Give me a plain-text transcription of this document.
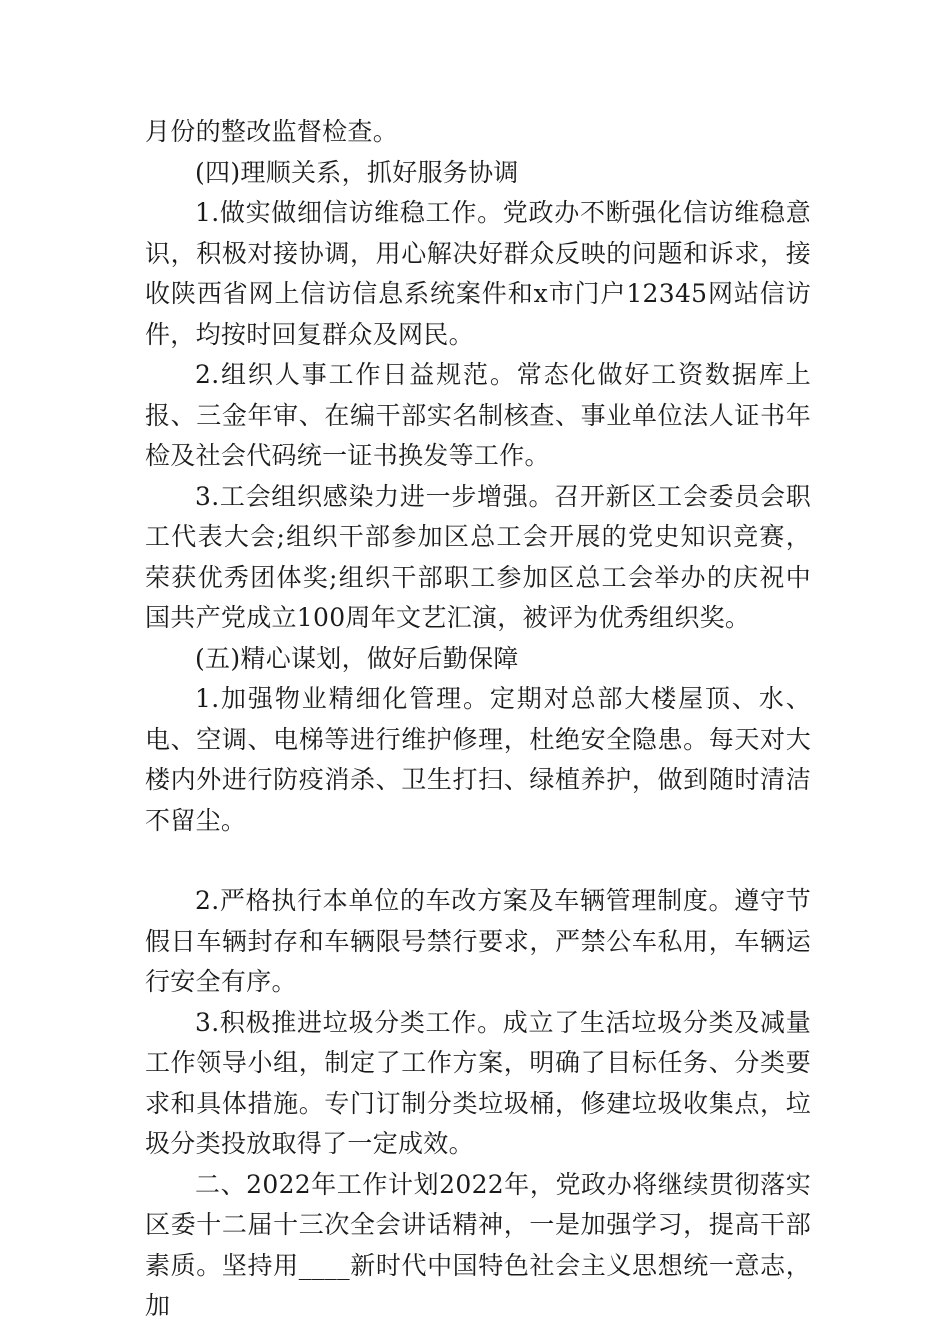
月份的整改监督检查。

(四)理顺关系，抓好服务协调

1.做实做细信访维稳工作。党政办不断强化信访维稳意识，积极对接协调，用心解决好群众反映的问题和诉求，接收陕西省网上信访信息系统案件和x市门户12345网站信访件，均按时回复群众及网民。

2.组织人事工作日益规范。常态化做好工资数据库上报、三金年审、在编干部实名制核查、事业单位法人证书年检及社会代码统一证书换发等工作。

3.工会组织感染力进一步增强。召开新区工会委员会职工代表大会;组织干部参加区总工会开展的党史知识竞赛，荣获优秀团体奖;组织干部职工参加区总工会举办的庆祝中国共产党成立100周年文艺汇演，被评为优秀组织奖。

(五)精心谋划，做好后勤保障

1.加强物业精细化管理。定期对总部大楼屋顶、水、电、空调、电梯等进行维护修理，杜绝安全隐患。每天对大楼内外进行防疫消杀、卫生打扫、绿植养护，做到随时清洁不留尘。

2.严格执行本单位的车改方案及车辆管理制度。遵守节假日车辆封存和车辆限号禁行要求，严禁公车私用，车辆运行安全有序。

3.积极推进垃圾分类工作。成立了生活垃圾分类及减量工作领导小组，制定了工作方案，明确了目标任务、分类要求和具体措施。专门订制分类垃圾桶，修建垃圾收集点，垃圾分类投放取得了一定成效。

二、2022年工作计划2022年，党政办将继续贯彻落实区委十二届十三次全会讲话精神，一是加强学习，提高干部素质。坚持用____新时代中国特色社会主义思想统一意志，加
